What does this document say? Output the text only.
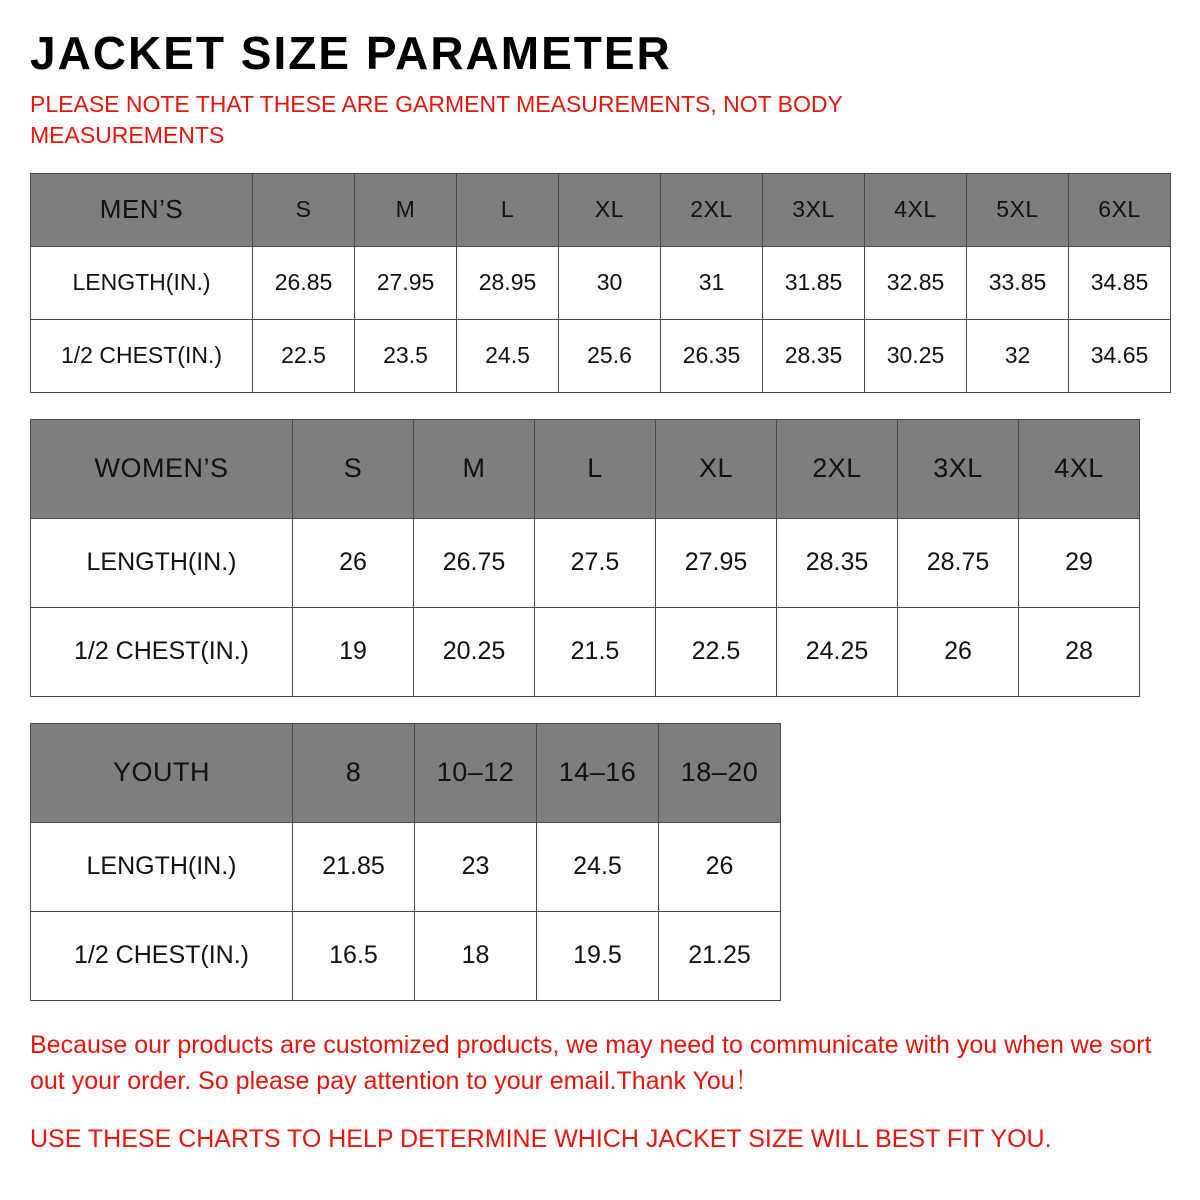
JACKET SIZE PARAMETER

PLEASE NOTE THAT THESE ARE GARMENT MEASUREMENTS, NOT BODY MEASUREMENTS

MEN’S	S	M	L	XL	2XL	3XL	4XL	5XL	6XL
LENGTH(IN.)	26.85	27.95	28.95	30	31	31.85	32.85	33.85	34.85
1/2 CHEST(IN.)	22.5	23.5	24.5	25.6	26.35	28.35	30.25	32	34.65
WOMEN’S	S	M	L	XL	2XL	3XL	4XL
LENGTH(IN.)	26	26.75	27.5	27.95	28.35	28.75	29
1/2 CHEST(IN.)	19	20.25	21.5	22.5	24.25	26	28
YOUTH	8	10–12	14–16	18–20
LENGTH(IN.)	21.85	23	24.5	26
1/2 CHEST(IN.)	16.5	18	19.5	21.25

Because our products are customized products, we may need to communicate with you when we sort out your order. So please pay attention to your email.Thank You！

USE THESE CHARTS TO HELP DETERMINE WHICH JACKET SIZE WILL BEST FIT YOU.
